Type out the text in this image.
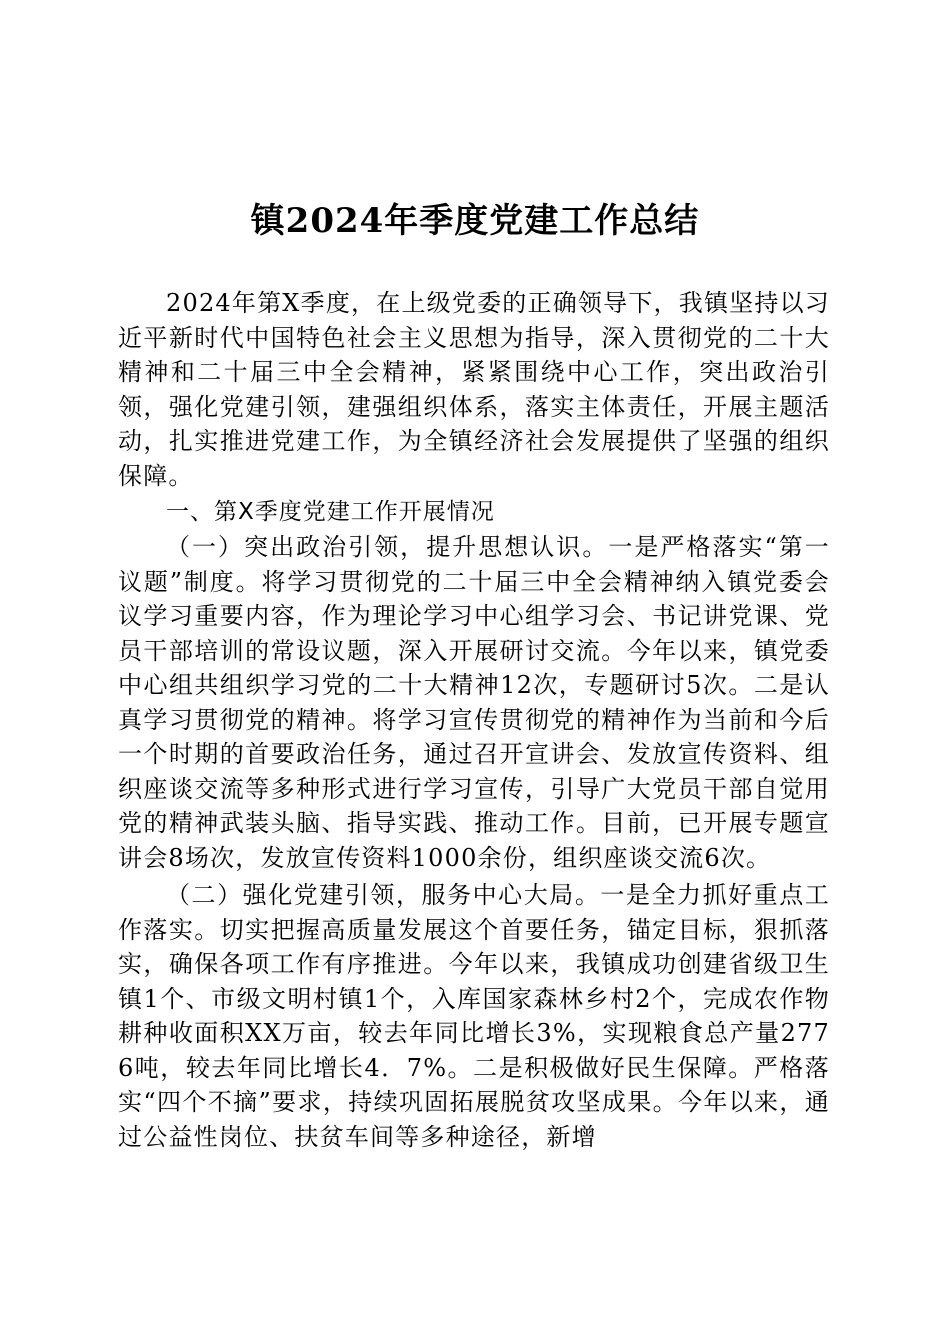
镇2024年季度党建工作总结

2024年第X季度，在上级党委的正确领导下，我镇坚持以习近平新时代中国特色社会主义思想为指导，深入贯彻党的二十大精神和二十届三中全会精神，紧紧围绕中心工作，突出政治引领，强化党建引领，建强组织体系，落实主体责任，开展主题活动，扎实推进党建工作，为全镇经济社会发展提供了坚强的组织保障。

一、第X季度党建工作开展情况

（一）突出政治引领，提升思想认识。一是严格落实“第一议题”制度。将学习贯彻党的二十届三中全会精神纳入镇党委会议学习重要内容，作为理论学习中心组学习会、书记讲党课、党员干部培训的常设议题，深入开展研讨交流。今年以来，镇党委中心组共组织学习党的二十大精神12次，专题研讨5次。二是认真学习贯彻党的精神。将学习宣传贯彻党的精神作为当前和今后一个时期的首要政治任务，通过召开宣讲会、发放宣传资料、组织座谈交流等多种形式进行学习宣传，引导广大党员干部自觉用党的精神武装头脑、指导实践、推动工作。目前，已开展专题宣讲会8场次，发放宣传资料1000余份，组织座谈交流6次。

（二）强化党建引领，服务中心大局。一是全力抓好重点工作落实。切实把握高质量发展这个首要任务，锚定目标，狠抓落实，确保各项工作有序推进。今年以来，我镇成功创建省级卫生镇1个、市级文明村镇1个，入库国家森林乡村2个，完成农作物耕种收面积XX万亩，较去年同比增长3%，实现粮食总产量2776吨，较去年同比增长4．7%。二是积极做好民生保障。严格落实“四个不摘”要求，持续巩固拓展脱贫攻坚成果。今年以来，通过公益性岗位、扶贫车间等多种途径，新增
